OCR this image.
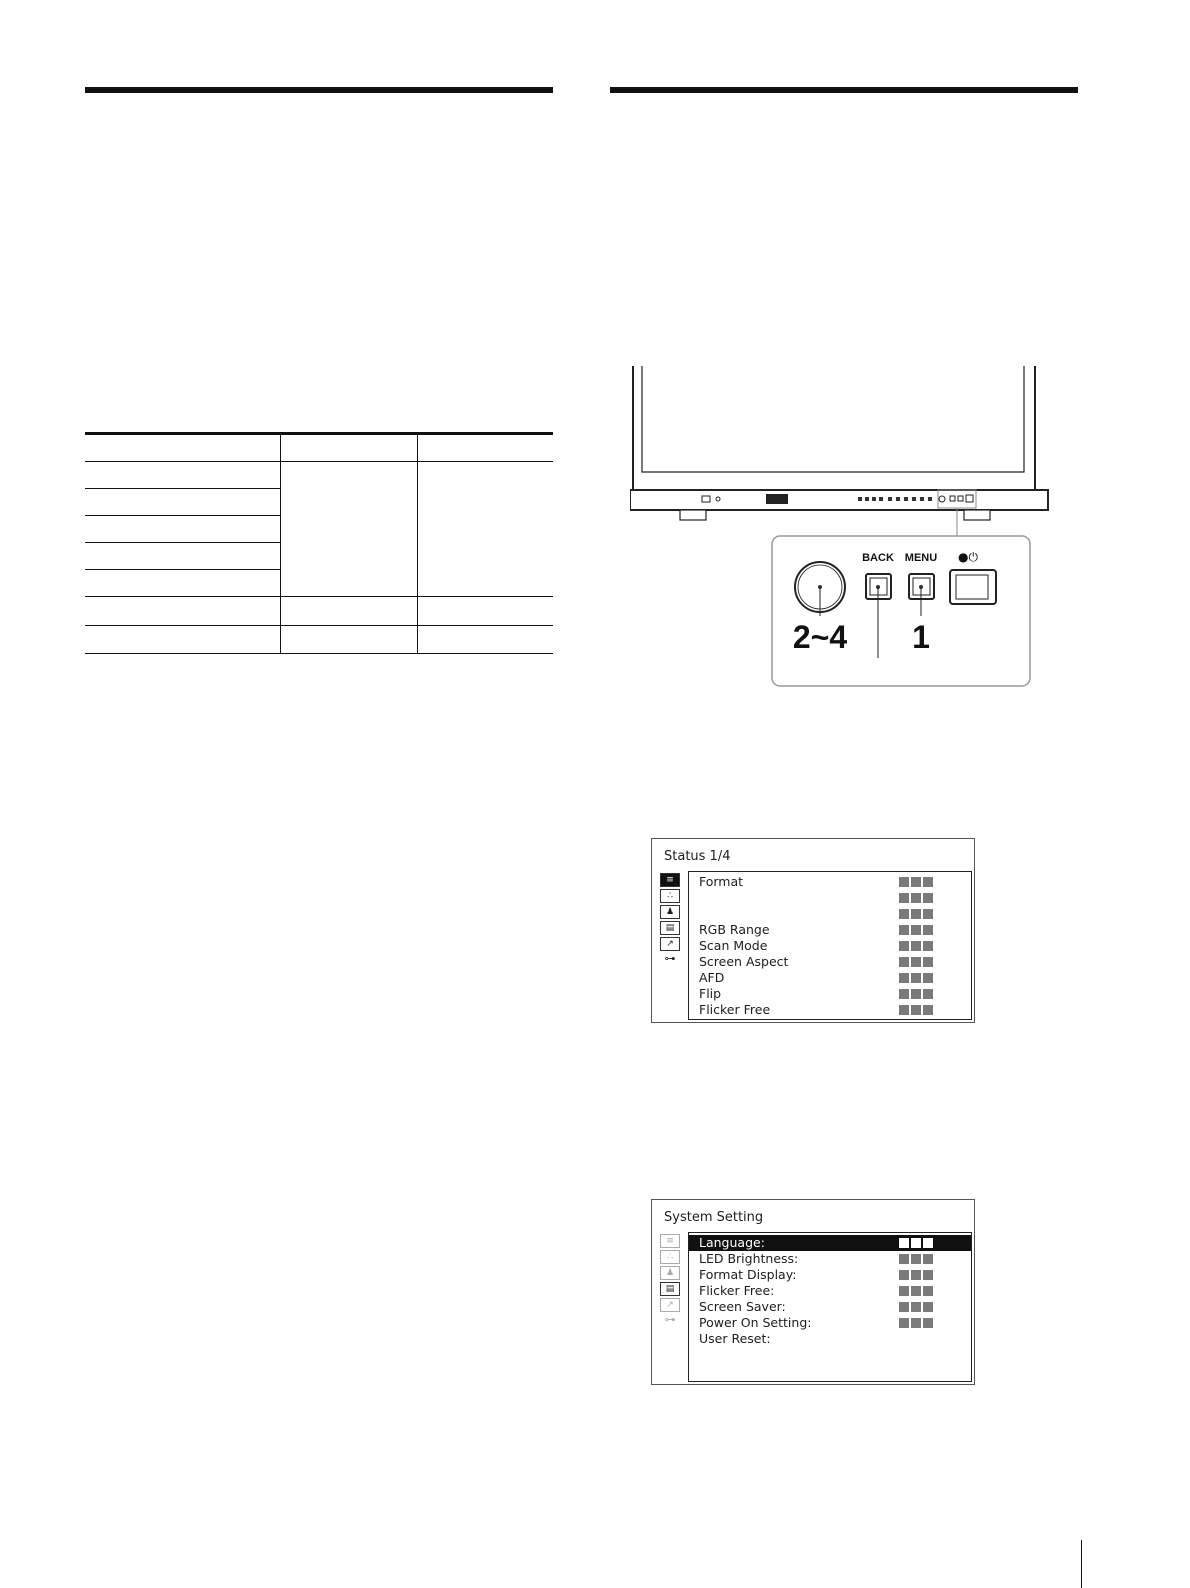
BACK MENU ●⏻
2~4 1
Status 1/4
≡
∴
♟
▤
↗
⊶
Format
RGB Range
Scan Mode
Screen Aspect
AFD
Flip
Flicker Free
System Setting
≡
∴
♟
▤
↗
⊶
Language:
LED Brightness:
Format Display:
Flicker Free:
Screen Saver:
Power On Setting:
User Reset:
